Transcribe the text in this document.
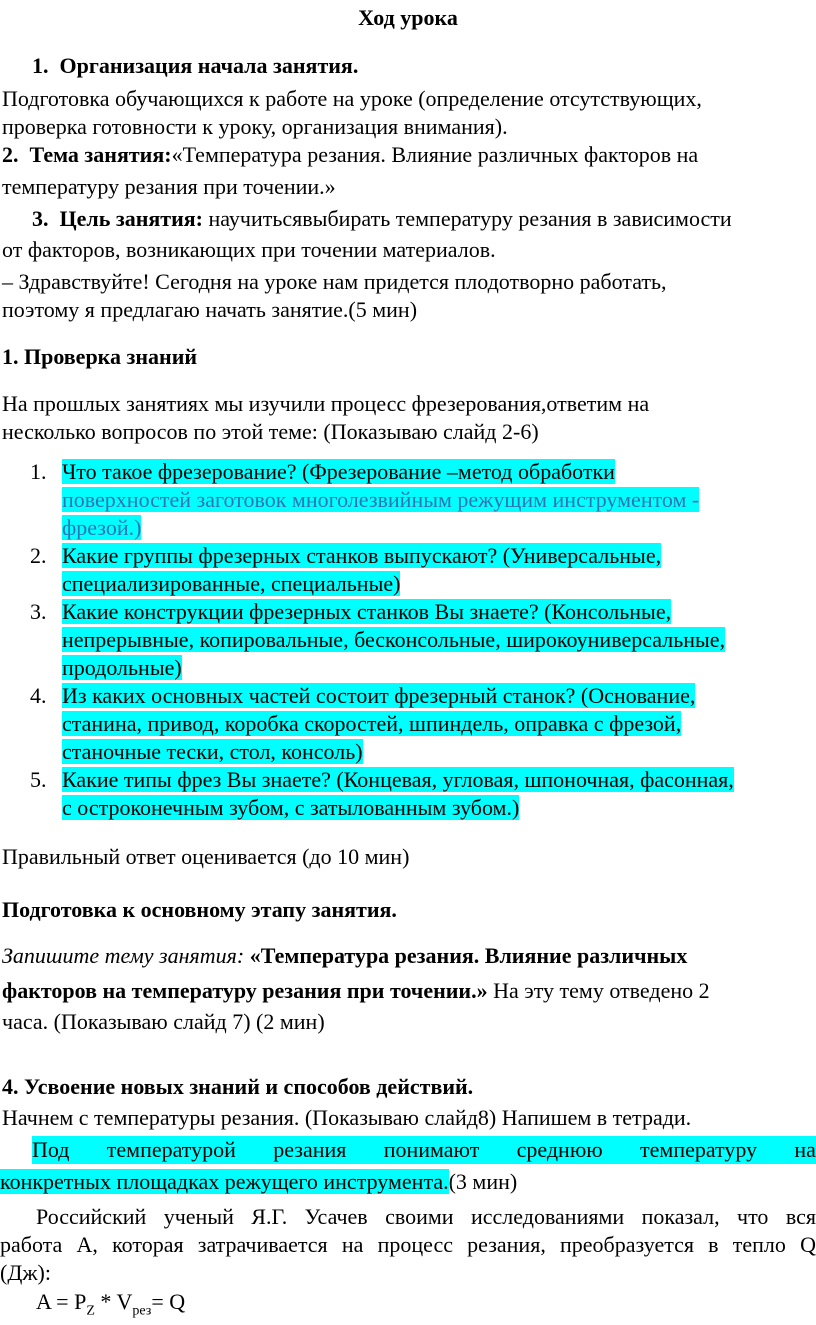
Ход урока

1. Организация начала занятия.

Подготовка обучающихся к работе на уроке (определение отсутствующих,

проверка готовности к уроку, организация внимания).

2. Тема занятия:«Температура резания. Влияние различных факторов на

температуру резания при точении.»

3. Цель занятия: научитьсявыбирать температуру резания в зависимости

от факторов, возникающих при точении материалов.

– Здравствуйте! Сегодня на уроке нам придется плодотворно работать,

поэтому я предлагаю начать занятие.(5 мин)

1. Проверка знаний

На прошлых занятиях мы изучили процесс фрезерования,ответим на

несколько вопросов по этой теме: (Показываю слайд 2-6)

1. Что такое фрезерование? (Фрезерование –метод обработки
поверхностей заготовок многолезвийным режущим инструментом -
фрезой.)
2. Какие группы фрезерных станков выпускают? (Универсальные,
специализированные, специальные)
3. Какие конструкции фрезерных станков Вы знаете? (Консольные,
непрерывные, копировальные, бесконсольные, широкоуниверсальные,
продольные)
4. Из каких основных частей состоит фрезерный станок? (Основание,
станина, привод, коробка скоростей, шпиндель, оправка с фрезой,
станочные тески, стол, консоль)
5. Какие типы фрез Вы знаете? (Концевая, угловая, шпоночная, фасонная,
с остроконечным зубом, с затылованным зубом.)

Правильный ответ оценивается (до 10 мин)

Подготовка к основному этапу занятия.

Запишите тему занятия: «Температура резания. Влияние различных

факторов на температуру резания при точении.» На эту тему отведено 2

часа. (Показываю слайд 7) (2 мин)

4. Усвоение новых знаний и способов действий.

Начнем с температуры резания. (Показываю слайд8) Напишем в тетради.

Под температурой резания понимают среднюю температуру на

конкретных площадках режущего инструмента.(3 мин)

Российский ученый Я.Г. Усачев своими исследованиями показал, что вся

работа А, которая затрачивается на процесс резания, преобразуется в тепло Q

(Дж):

$A = P_Z * V_{рез}= Q$
